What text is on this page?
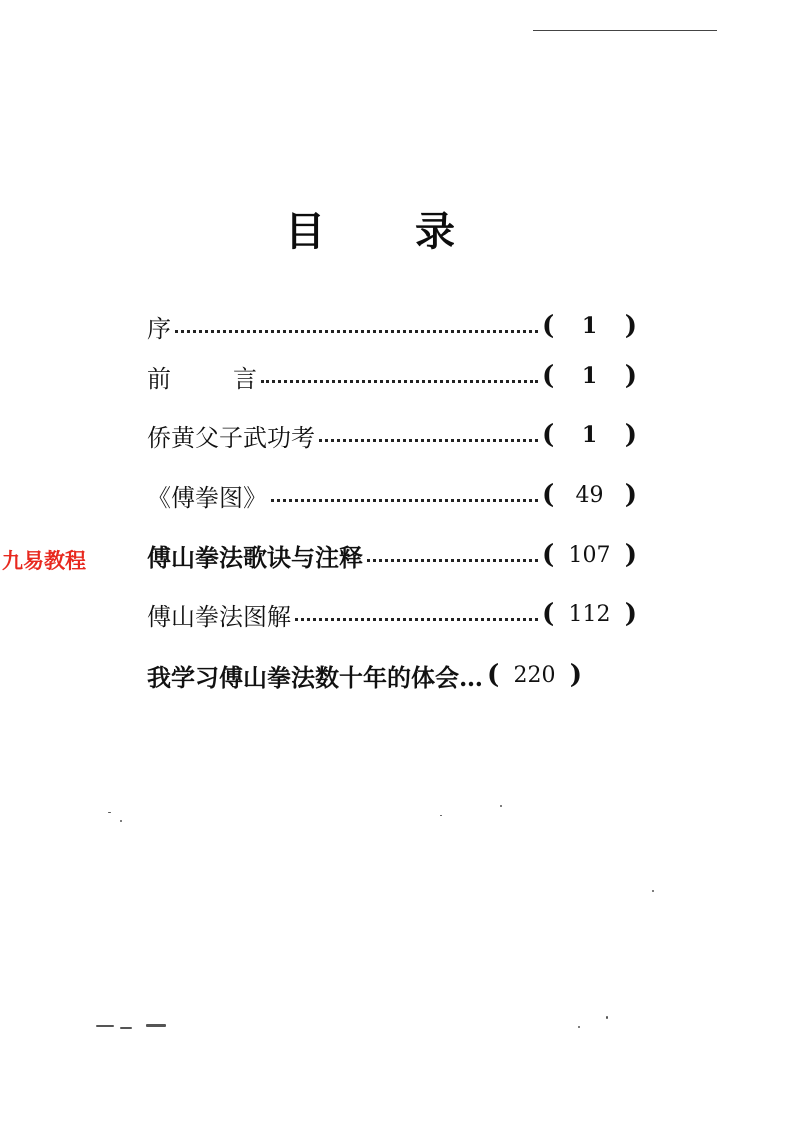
目 录
序	(	1	)
前	言	(	1	)
侨黄父子武功考	(	1	)
《傅拳图》	( 49 )
傅山拳法歌诀与注释	( 107 )
傅山拳法图解	( 112 )
我学习傅山拳法数十年的体会… ( 220 )
九易教程
